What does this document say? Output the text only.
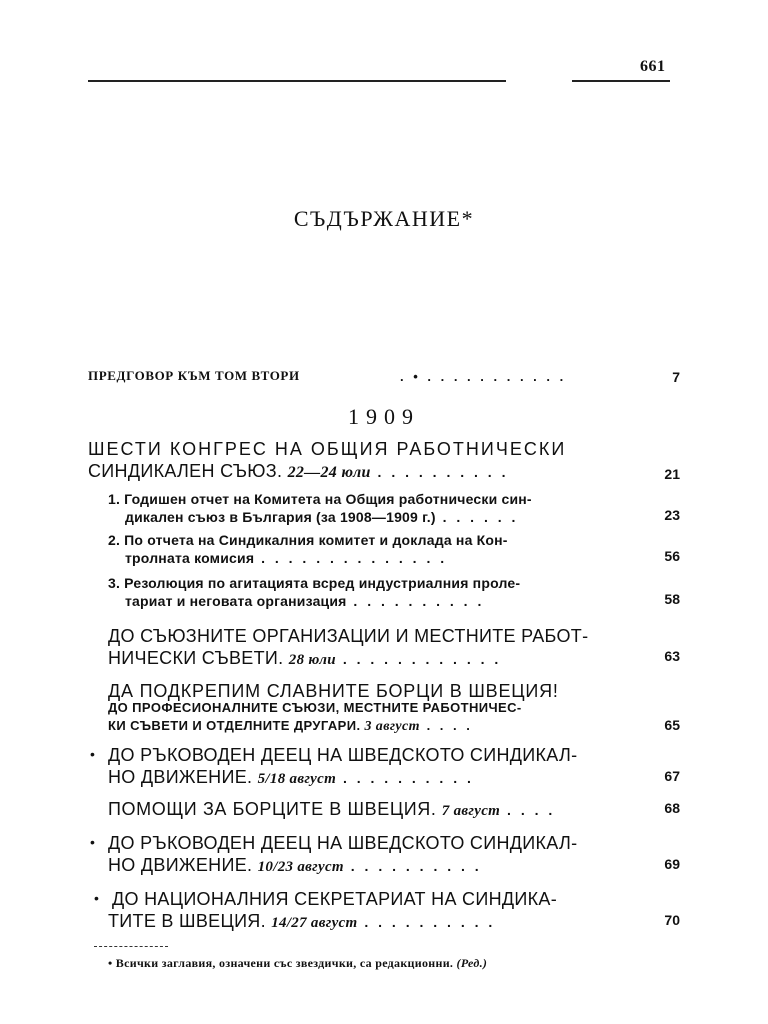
661
СЪДЪРЖАНИЕ*
ПРЕДГОВОР КЪМ ТОМ ВТОРИ	. • . . . . . . . . . . .	7
1909
ШЕСТИ КОНГРЕС НА ОБЩИЯ РАБОТНИЧЕСКИ
СИНДИКАЛЕН СЪЮЗ. 22—24 юли . . . . . . . . . .	21
1. Годишен отчет на Комитета на Общия работнически син-
дикален съюз в България (за 1908—1909 г.) . . . . . .	23
2. По отчета на Синдикалния комитет и доклада на Кон-
тролната комисия . . . . . . . . . . . . . .	56
3. Резолюция по агитацията всред индустриалния проле-
тариат и неговата организация . . . . . . . . . .	58
ДО СЪЮЗНИТЕ ОРГАНИЗАЦИИ И МЕСТНИТЕ РАБОТ-
НИЧЕСКИ СЪВЕТИ. 28 юли . . . . . . . . . . . .	63
ДА ПОДКРЕПИМ СЛАВНИТЕ БОРЦИ В ШВЕЦИЯ!
ДО ПРОФЕСИОНАЛНИТЕ СЪЮЗИ, МЕСТНИТЕ РАБОТНИЧЕС-
КИ СЪВЕТИ И ОТДЕЛНИТЕ ДРУГАРИ. 3 август . . . .	65
• ДО РЪКОВОДЕН ДЕЕЦ НА ШВЕДСКОТО СИНДИКАЛ-
НО ДВИЖЕНИЕ. 5/18 август . . . . . . . . . .	67
ПОМОЩИ ЗА БОРЦИТЕ В ШВЕЦИЯ. 7 август . . . .	68
• ДО РЪКОВОДЕН ДЕЕЦ НА ШВЕДСКОТО СИНДИКАЛ-
НО ДВИЖЕНИЕ. 10/23 август . . . . . . . . . .	69
• ДО НАЦИОНАЛНИЯ СЕКРЕТАРИАТ НА СИНДИКА-
ТИТЕ В ШВЕЦИЯ. 14/27 август . . . . . . . . . .	70
• Всички заглавия, означени със звездички, са редакционни. (Ред.)
